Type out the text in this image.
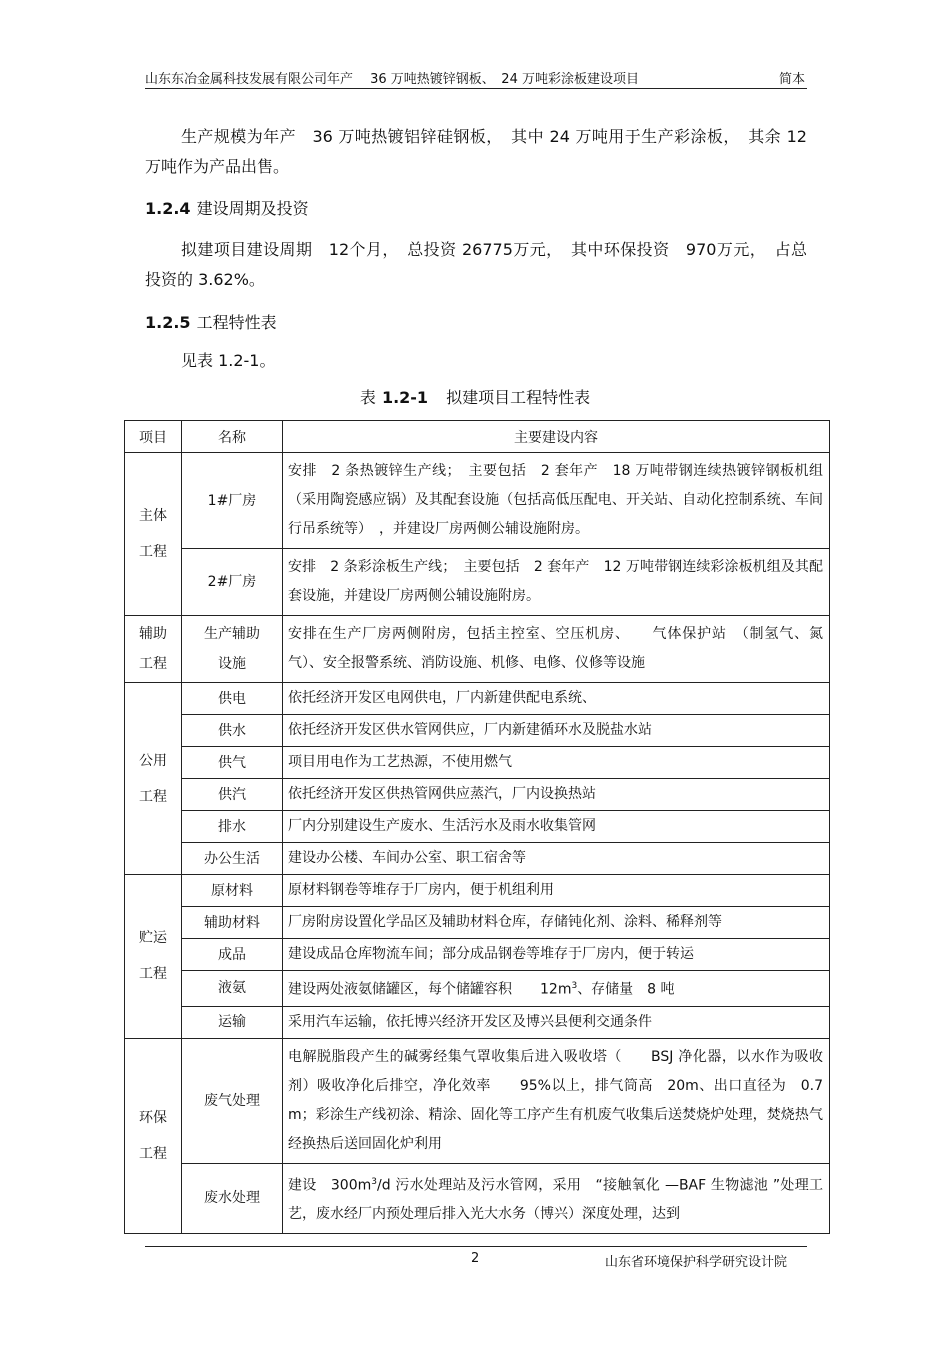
山东东冶金属科技发展有限公司年产　 36 万吨热镀锌钢板、　24 万吨彩涂板建设项目	简本
生产规模为年产　36 万吨热镀铝锌硅钢板，　其中 24 万吨用于生产彩涂板，　其余 12 万吨作为产品出售。
1.2.4 建设周期及投资
拟建项目建设周期　12个月，　总投资 26775万元，　其中环保投资　970万元，　占总投资的 3.62%。
1.2.5 工程特性表
见表 1.2-1。
表 1.2-1 拟建项目工程特性表
项目	名称	主要建设内容
主体工程	1#厂房	安排　2 条热镀锌生产线；　主要包括　2 套年产　18 万吨带钢连续热镀锌钢板机组（采用陶瓷感应锅）及其配套设施（包括高低压配电、开关站、自动化控制系统、车间行吊系统等）　，并建设厂房两侧公辅设施附房。
	2#厂房	安排　2 条彩涂板生产线；　主要包括　2 套年产　12 万吨带钢连续彩涂板机组及其配套设施，并建设厂房两侧公辅设施附房。
辅助工程	生产辅助设施	安排在生产厂房两侧附房，包括主控室、空压机房、　　气体保护站　（制氢气、氮气）、安全报警系统、消防设施、机修、电修、仪修等设施
公用工程	供电	依托经济开发区电网供电，厂内新建供配电系统、
	供水	依托经济开发区供水管网供应，厂内新建循环水及脱盐水站
	供气	项目用电作为工艺热源，不使用燃气
	供汽	依托经济开发区供热管网供应蒸汽，厂内设换热站
	排水	厂内分别建设生产废水、生活污水及雨水收集管网
	办公生活	建设办公楼、车间办公室、职工宿舍等
贮运工程	原材料	原材料钢卷等堆存于厂房内，便于机组利用
	辅助材料	厂房附房设置化学品区及辅助材料仓库，存储钝化剂、涂料、稀释剂等
	成品	建设成品仓库物流车间；部分成品钢卷等堆存于厂房内，便于转运
	液氨	建设两处液氨储罐区，每个储罐容积　　$12m^3$、存储量　8 吨
	运输	采用汽车运输，依托博兴经济开发区及博兴县便利交通条件
环保工程	废气处理	电解脱脂段产生的碱雾经集气罩收集后进入吸收塔（　　BSJ 净化器，以水作为吸收剂）吸收净化后排空，净化效率　　95%以上，排气筒高　20m、出口直径为　0.7m；彩涂生产线初涂、精涂、固化等工序产生有机废气收集后送焚烧炉处理，焚烧热气经换热后送回固化炉利用
	废水处理	建设　$300m^3/d$ 污水处理站及污水管网，采用　“接触氧化 —BAF 生物滤池 ”处理工艺，废水经厂内预处理后排入光大水务（博兴）深度处理，达到
2	山东省环境保护科学研究设计院
